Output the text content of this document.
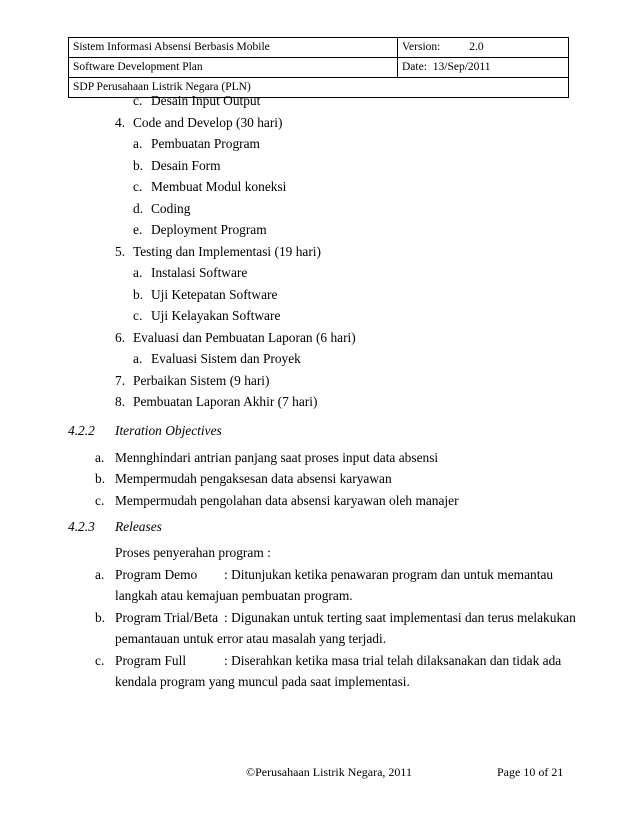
Sistem Informasi Absensi Berbasis Mobile	Version: 2.0
Software Development Plan	Date: 13/Sep/2011
SDP Perusahaan Listrik Negara (PLN)	
c. Desain Input Output
4. Code and Develop (30 hari)
a. Pembuatan Program
b. Desain Form
c. Membuat Modul koneksi
d. Coding
e. Deployment Program
5. Testing dan Implementasi (19 hari)
a. Instalasi Software
b. Uji Ketepatan Software
c. Uji Kelayakan Software
6. Evaluasi dan Pembuatan Laporan (6 hari)
a. Evaluasi Sistem dan Proyek
7. Perbaikan Sistem (9 hari)
8. Pembuatan Laporan Akhir (7 hari)
4.2.2 Iteration Objectives
a. Mennghindari antrian panjang saat proses input data absensi
b. Mempermudah pengaksesan data absensi karyawan
c. Mempermudah pengolahan data absensi karyawan oleh manajer
4.2.3 Releases
Proses penyerahan program :
a. Program Demo : Ditunjukan ketika penawaran program dan untuk memantau
langkah atau kemajuan pembuatan program.
b. Program Trial/Beta : Digunakan untuk terting saat implementasi dan terus melakukan
pemantauan untuk error atau masalah yang terjadi.
c. Program Full	: Diserahkan ketika masa trial telah dilaksanakan dan tidak ada
kendala program yang muncul pada saat implementasi.
©Perusahaan Listrik Negara, 2011	Page 10 of 21
